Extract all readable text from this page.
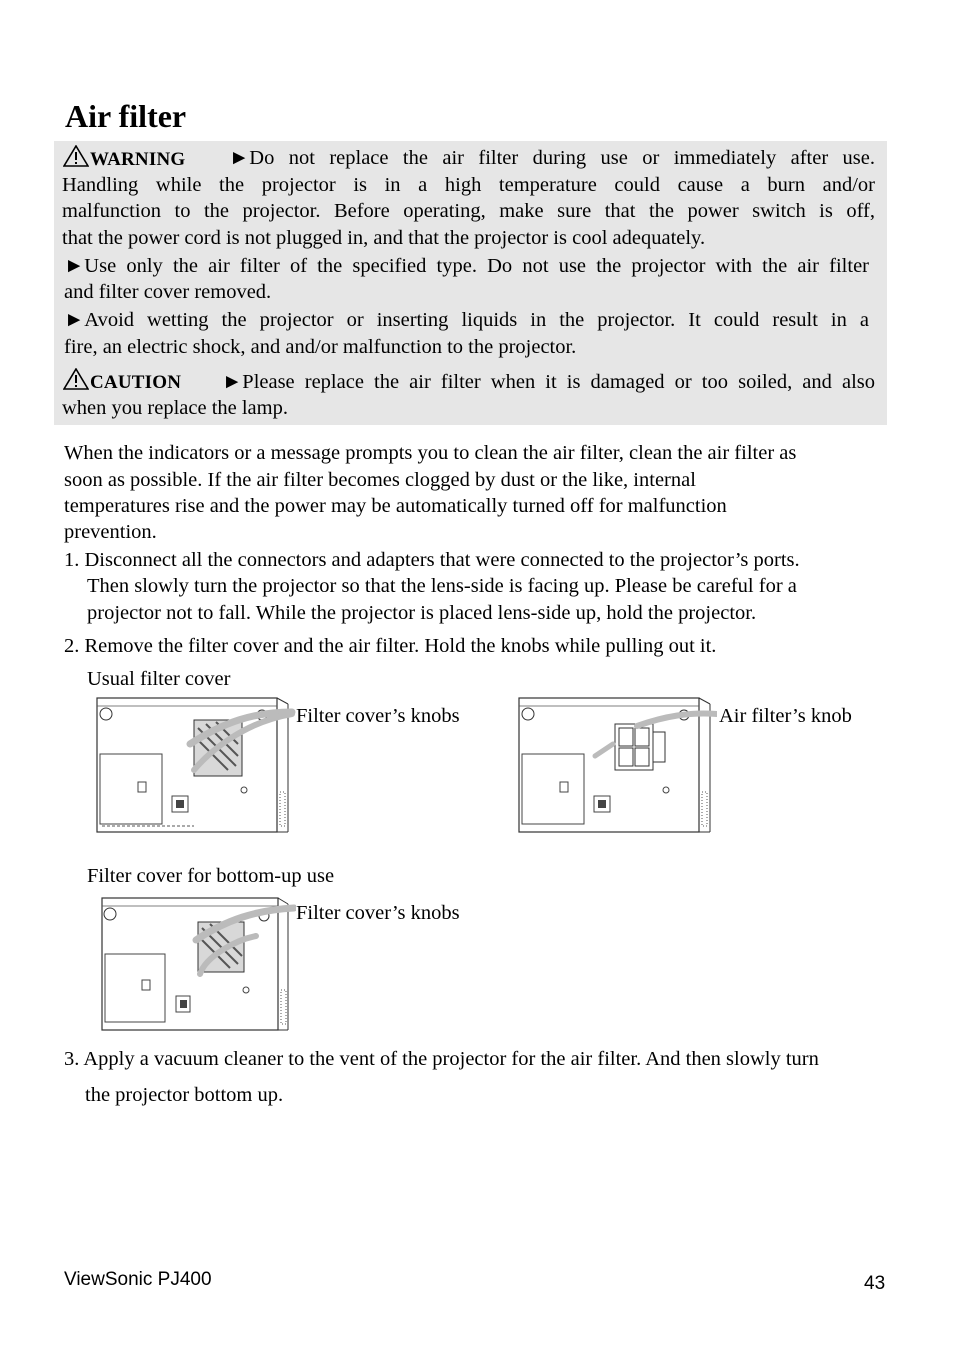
Air filter
WARNING ►Do not replace the air filter during use or immediately after use.
Handling while the projector is in a high temperature could cause a burn and/or
malfunction to the projector. Before operating, make sure that the power switch is off,
that the power cord is not plugged in, and that the projector is cool adequately.
►Use only the air filter of the specified type. Do not use the projector with the air filter
and filter cover removed.
►Avoid wetting the projector or inserting liquids in the projector. It could result in a
fire, an electric shock, and and/or malfunction to the projector.
CAUTION ►Please replace the air filter when it is damaged or too soiled, and also
when you replace the lamp.
When the indicators or a message prompts you to clean the air filter, clean the air filter as
soon as possible. If the air filter becomes clogged by dust or the like, internal
temperatures rise and the power may be automatically turned off for malfunction
prevention.
1. Disconnect all the connectors and adapters that were connected to the projector’s ports.
Then slowly turn the projector so that the lens-side is facing up. Please be careful for a
projector not to fall. While the projector is placed lens-side up, hold the projector.
2. Remove the filter cover and the air filter. Hold the knobs while pulling out it.
Usual filter cover
Filter cover’s knobs	Air filter’s knob
Filter cover for bottom-up use
Filter cover’s knobs
3. Apply a vacuum cleaner to the vent of the projector for the air filter. And then slowly turn
the projector bottom up.
ViewSonic PJ400	43
